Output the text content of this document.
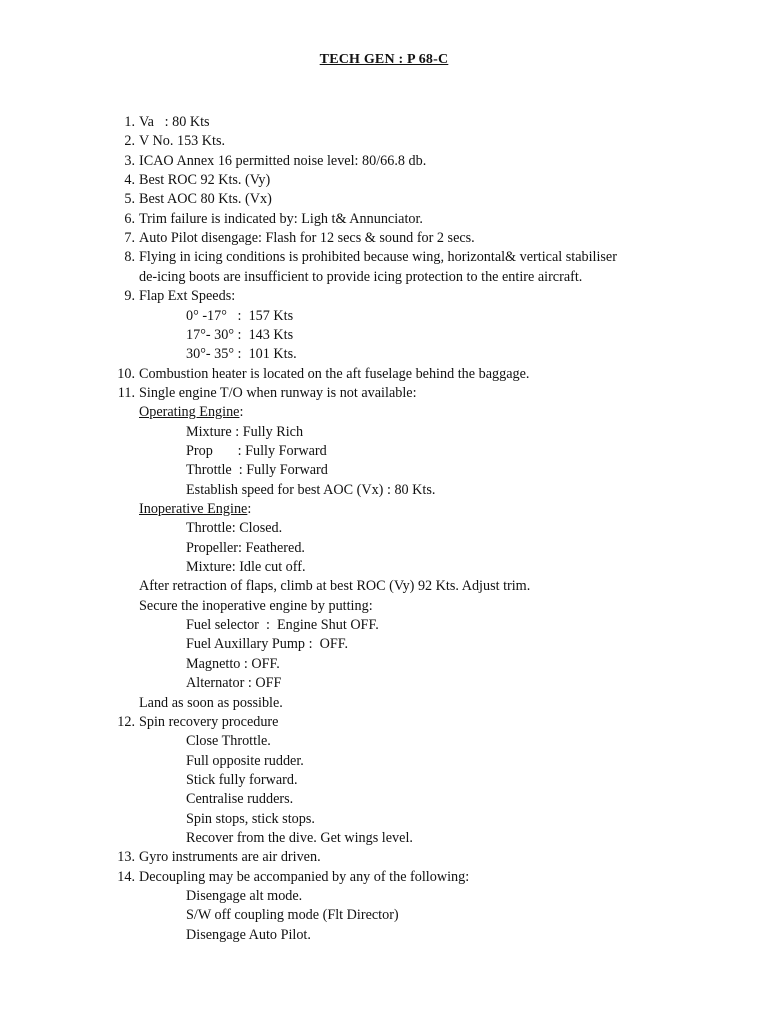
TECH GEN : P 68-C
1. Va   : 80 Kts
2. V No. 153 Kts.
3. ICAO Annex 16 permitted noise level: 80/66.8 db.
4. Best ROC 92 Kts. (Vy)
5. Best AOC 80 Kts. (Vx)
6. Trim failure is indicated by: Ligh t& Annunciator.
7. Auto Pilot disengage: Flash for 12 secs & sound for 2 secs.
8. Flying in icing conditions is prohibited because wing, horizontal& vertical stabiliser
de-icing boots are insufficient to provide icing protection to the entire aircraft.
9. Flap Ext Speeds:
0° -17°   :  157 Kts
17°- 30° :  143 Kts
30°- 35° :  101 Kts.
10. Combustion heater is located on the aft fuselage behind the baggage.
11. Single engine T/O when runway is not available:
Operating Engine:
Mixture : Fully Rich
Prop       : Fully Forward
Throttle  : Fully Forward
Establish speed for best AOC (Vx) : 80 Kts.
Inoperative Engine:
Throttle: Closed.
Propeller: Feathered.
Mixture: Idle cut off.
After retraction of flaps, climb at best ROC (Vy) 92 Kts. Adjust trim.
Secure the inoperative engine by putting:
Fuel selector  :  Engine Shut OFF.
Fuel Auxillary Pump :  OFF.
Magnetto : OFF.
Alternator : OFF
Land as soon as possible.
12. Spin recovery procedure
Close Throttle.
Full opposite rudder.
Stick fully forward.
Centralise rudders.
Spin stops, stick stops.
Recover from the dive. Get wings level.
13. Gyro instruments are air driven.
14. Decoupling may be accompanied by any of the following:
Disengage alt mode.
S/W off coupling mode (Flt Director)
Disengage Auto Pilot.
